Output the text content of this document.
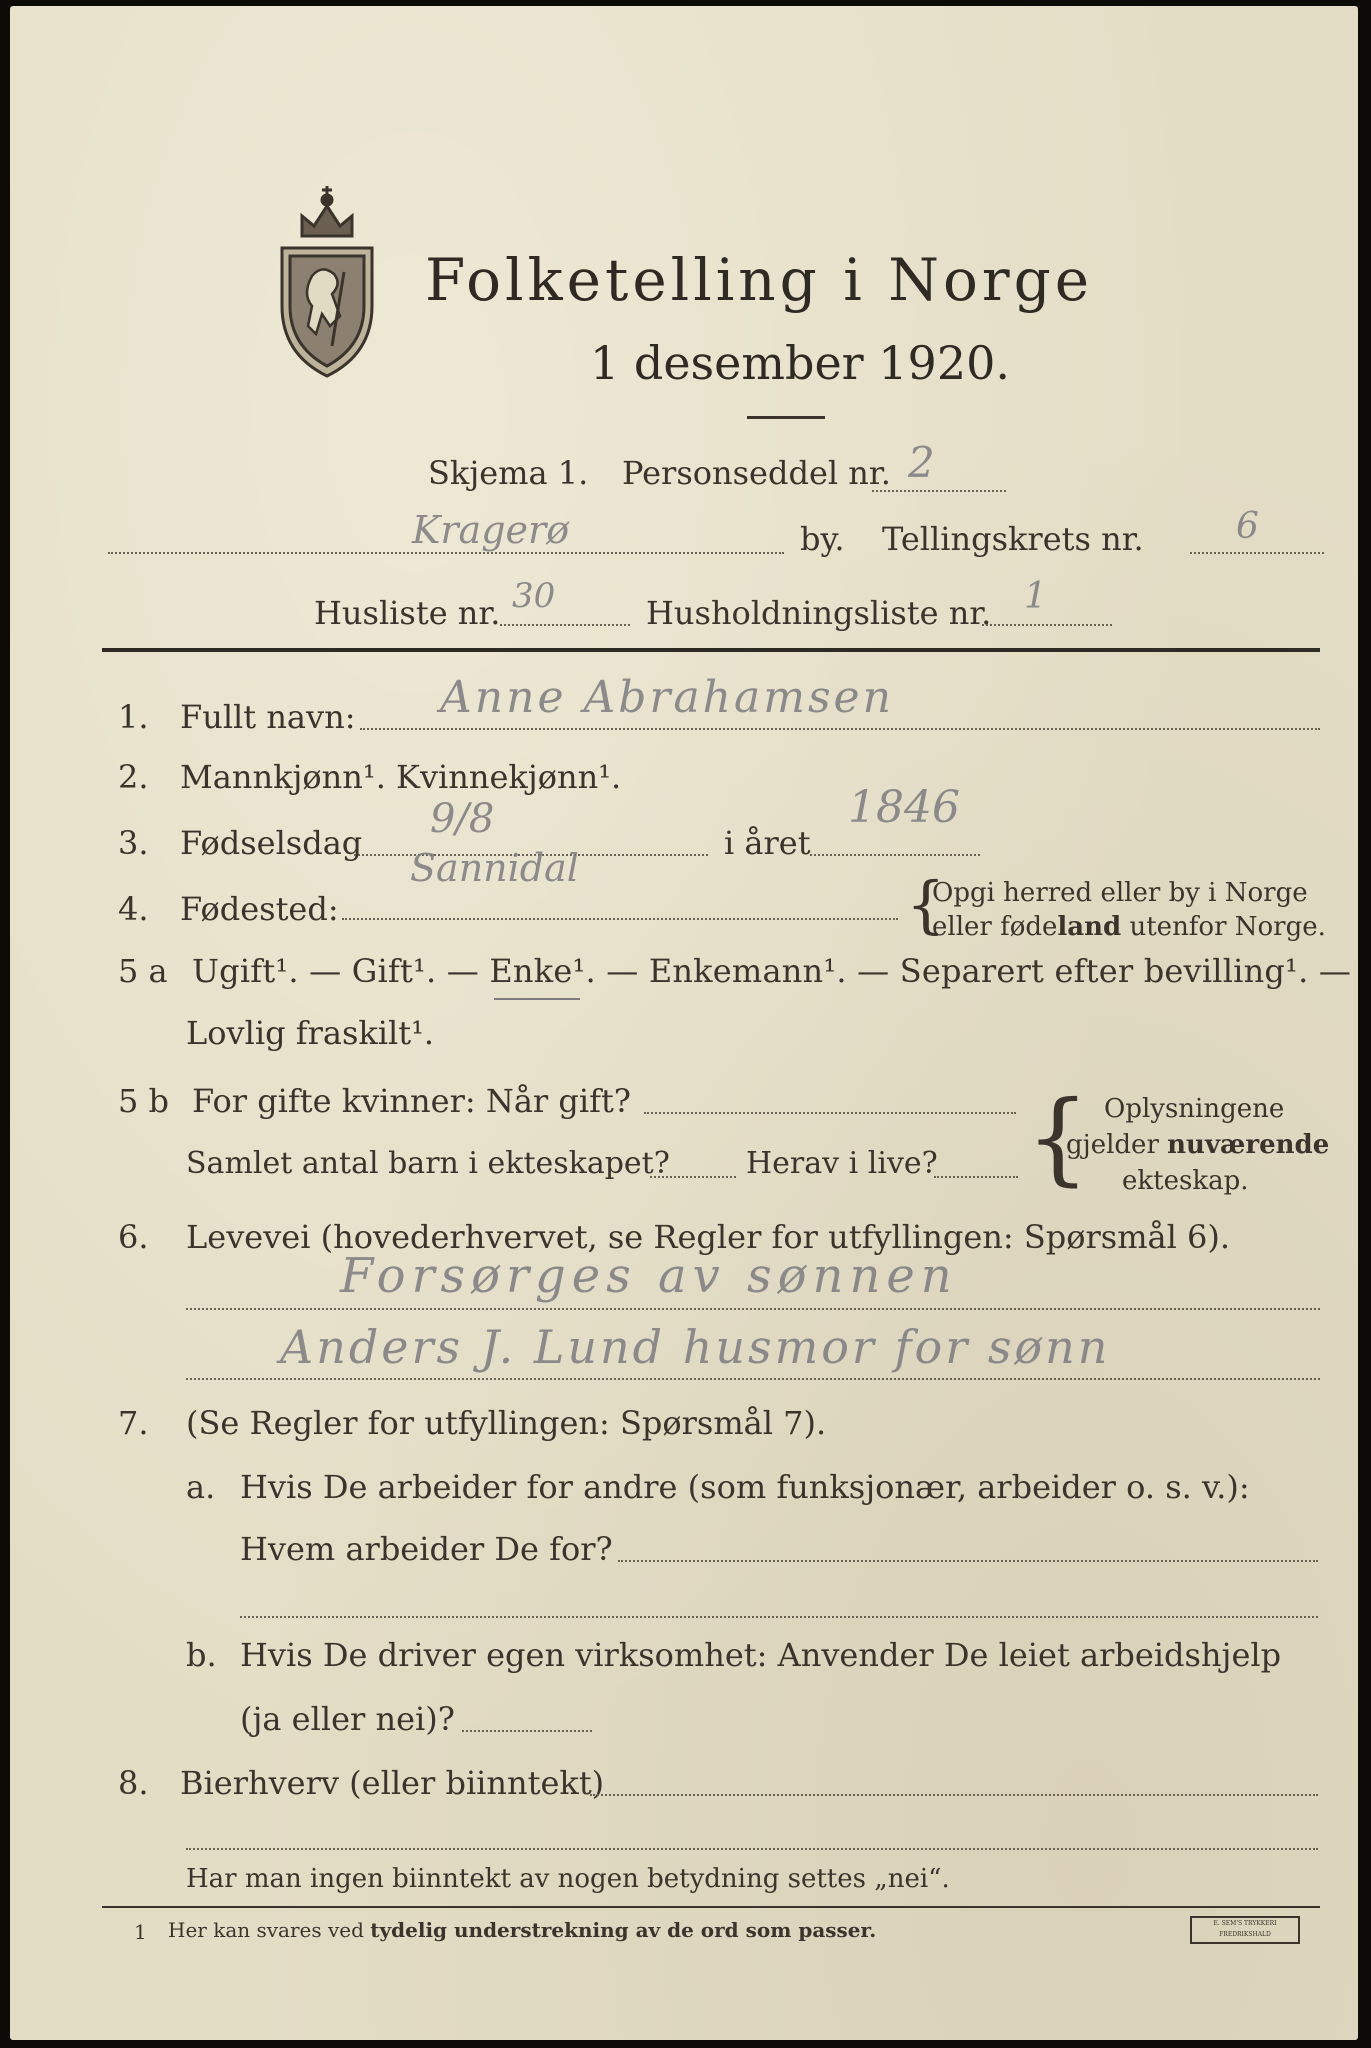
Folketelling i Norge
1 desember 1920.
Skjema 1. Personseddel nr. 2
Kragerø	by. Tellingskrets nr.	6
Husliste nr. 30	Husholdningsliste nr. 1
1. Fullt navn: Anne Abrahamsen
2. Mannkjønn¹. Kvinnekjønn¹.
3. Fødselsdag
9/8
i året
1846
4. Fødested:
Sannidal	{
Opgi herred eller by i Norge
eller fødeland utenfor Norge.
5 a Ugift¹. — Gift¹. — Enke¹. — Enkemann¹. — Separert efter bevilling¹. —
Lovlig fraskilt¹.
5 b For gifte kvinner: Når gift?
Samlet antal barn i ekteskapet?	Herav i live? { Oplysningene
gjelder nuværende
ekteskap.
6. Levevei (hovederhvervet, se Regler for utfyllingen: Spørsmål 6).
Forsørges av sønnen
Anders J. Lund husmor for sønn
7. (Se Regler for utfyllingen: Spørsmål 7).
a. Hvis De arbeider for andre (som funksjonær, arbeider o. s. v.):
Hvem arbeider De for?
b. Hvis De driver egen virksomhet: Anvender De leiet arbeidshjelp
(ja eller nei)?
8. Bierhverv (eller biinntekt)
Har man ingen biinntekt av nogen betydning settes „nei“.
1 Her kan svares ved tydelig understrekning av de ord som passer.	E. SEM'S TRYKKERI FREDRIKSHALD
